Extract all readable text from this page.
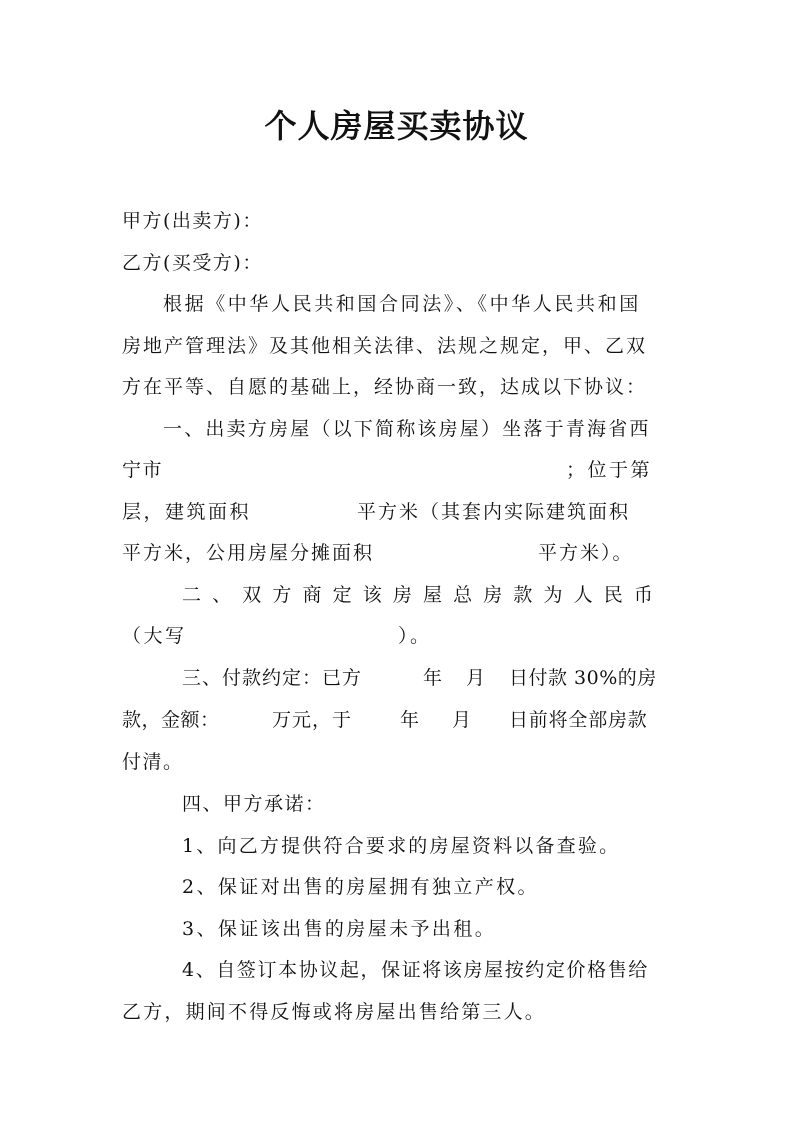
个人房屋买卖协议
甲方(出卖方)：
乙方(买受方)：
根据《中华人民共和国合同法》、《中华人民共和国
房地产管理法》及其他相关法律、法规之规定，甲、乙双
方在平等、自愿的基础上，经协商一致，达成以下协议：
一、出卖方房屋（以下简称该房屋）坐落于青海省西
宁市	；位于第
层，建筑面积	平方米（其套内实际建筑面积
平方米，公用房屋分摊面积	平方米）。
二 、 双 方 商 定 该 房 屋 总 房 款 为 人 民 币
（大写	）。
三、付款约定：已方	年 月 日付款 30%的房
款，金额：	万元，于	年 月 日前将全部房款
付清。
四、甲方承诺：
1、向乙方提供符合要求的房屋资料以备查验。
2、保证对出售的房屋拥有独立产权。
3、保证该出售的房屋未予出租。
4、自签订本协议起，保证将该房屋按约定价格售给
乙方，期间不得反悔或将房屋出售给第三人。
